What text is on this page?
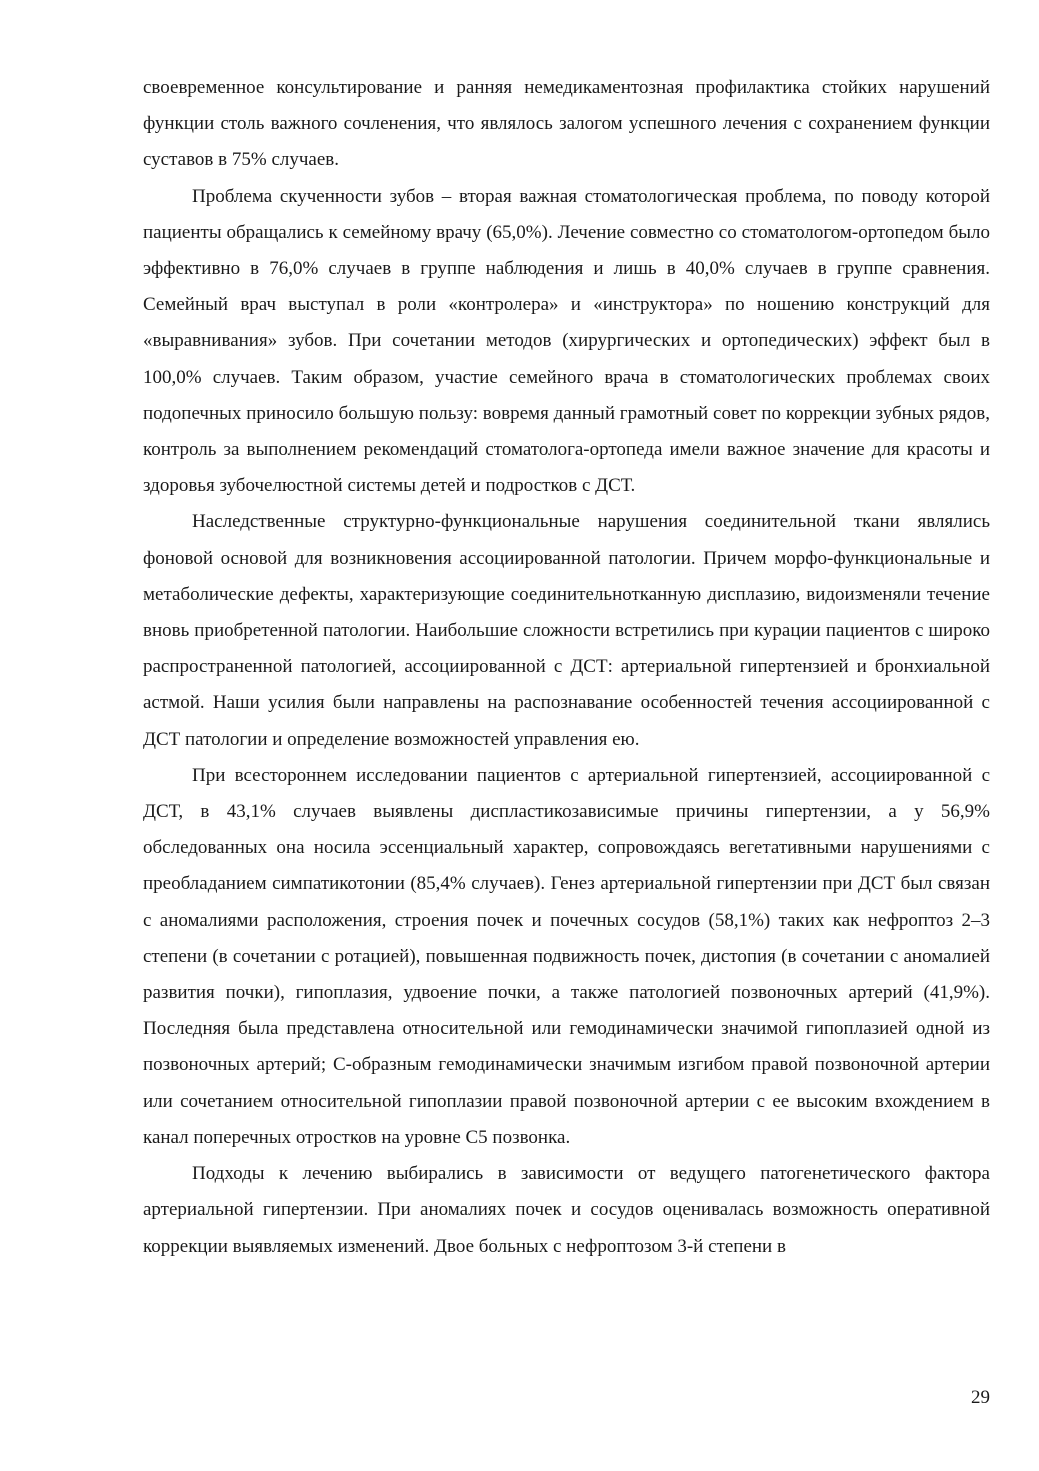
своевременное консультирование и ранняя немедикаментозная профилактика стойких нарушений функции столь важного сочленения, что являлось залогом успешного лечения с сохранением функции суставов в 75% случаев.

Проблема скученности зубов – вторая важная стоматологическая проблема, по поводу которой пациенты обращались к семейному врачу (65,0%). Лечение совместно со стоматологом-ортопедом было эффективно в 76,0% случаев в группе наблюдения и лишь в 40,0% случаев в группе сравнения. Семейный врач выступал в роли «контролера» и «инструктора» по ношению конструкций для «выравнивания» зубов. При сочетании методов (хирургических и ортопедических) эффект был в 100,0% случаев. Таким образом, участие семейного врача в стоматологических проблемах своих подопечных приносило большую пользу: вовремя данный грамотный совет по коррекции зубных рядов, контроль за выполнением рекомендаций стоматолога-ортопеда имели важное значение для красоты и здоровья зубочелюстной системы детей и подростков с ДСТ.

Наследственные структурно-функциональные нарушения соединительной ткани являлись фоновой основой для возникновения ассоциированной патологии. Причем морфо-функциональные и метаболические дефекты, характеризующие соединительнотканную дисплазию, видоизменяли течение вновь приобретенной патологии. Наибольшие сложности встретились при курации пациентов с широко распространенной патологией, ассоциированной с ДСТ: артериальной гипертензией и бронхиальной астмой. Наши усилия были направлены на распознавание особенностей течения ассоциированной с ДСТ патологии и определение возможностей управления ею.

При всестороннем исследовании пациентов с артериальной гипертензией, ассоциированной с ДСТ, в 43,1% случаев выявлены диспластикозависимые причины гипертензии, а у 56,9% обследованных она носила эссенциальный характер, сопровождаясь вегетативными нарушениями с преобладанием симпатикотонии (85,4% случаев). Генез артериальной гипертензии при ДСТ был связан с аномалиями расположения, строения почек и почечных сосудов (58,1%) таких как нефроптоз 2–3 степени (в сочетании с ротацией), повышенная подвижность почек, дистопия (в сочетании с аномалией развития почки), гипоплазия, удвоение почки, а также патологией позвоночных артерий (41,9%). Последняя была представлена относительной или гемодинамически значимой гипоплазией одной из позвоночных артерий; С-образным гемодинамически значимым изгибом правой позвоночной артерии или сочетанием относительной гипоплазии правой позвоночной артерии с ее высоким вхождением в канал поперечных отростков на уровне С5 позвонка.

Подходы к лечению выбирались в зависимости от ведущего патогенетического фактора артериальной гипертензии. При аномалиях почек и сосудов оценивалась возможность оперативной коррекции выявляемых изменений. Двое больных с нефроптозом 3-й степени в

29
